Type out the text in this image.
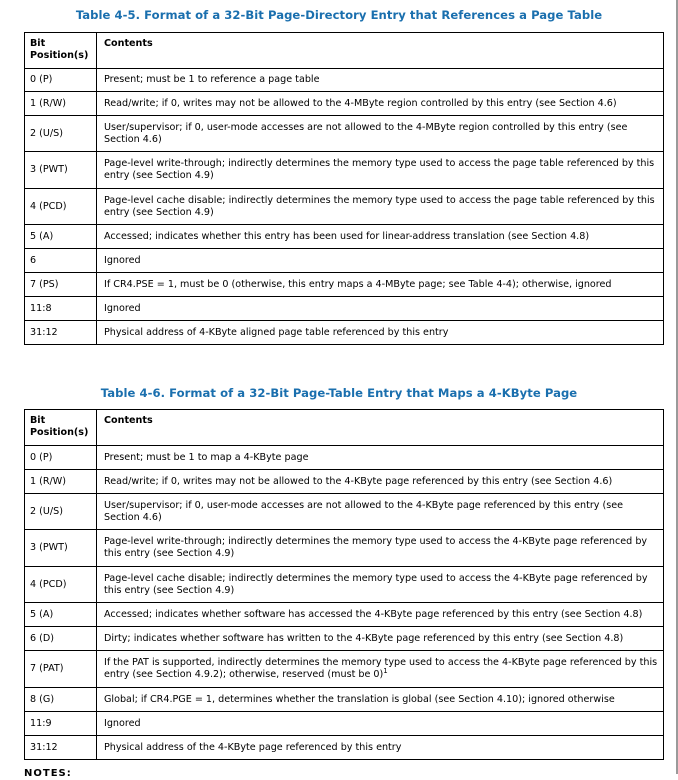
Table 4-5. Format of a 32-Bit Page-Directory Entry that References a Page Table
Bit
Position(s)	Contents
0 (P)	Present; must be 1 to reference a page table
1 (R/W)	Read/write; if 0, writes may not be allowed to the 4-MByte region controlled by this entry (see Section 4.6)
2 (U/S)	User/supervisor; if 0, user-mode accesses are not allowed to the 4-MByte region controlled by this entry (see Section 4.6)
3 (PWT)	Page-level write-through; indirectly determines the memory type used to access the page table referenced by this entry (see Section 4.9)
4 (PCD)	Page-level cache disable; indirectly determines the memory type used to access the page table referenced by this entry (see Section 4.9)
5 (A)	Accessed; indicates whether this entry has been used for linear-address translation (see Section 4.8)
6	Ignored
7 (PS)	If CR4.PSE = 1, must be 0 (otherwise, this entry maps a 4-MByte page; see Table 4-4); otherwise, ignored
11:8	Ignored
31:12	Physical address of 4-KByte aligned page table referenced by this entry
Table 4-6. Format of a 32-Bit Page-Table Entry that Maps a 4-KByte Page
Bit
Position(s)	Contents
0 (P)	Present; must be 1 to map a 4-KByte page
1 (R/W)	Read/write; if 0, writes may not be allowed to the 4-KByte page referenced by this entry (see Section 4.6)
2 (U/S)	User/supervisor; if 0, user-mode accesses are not allowed to the 4-KByte page referenced by this entry (see Section 4.6)
3 (PWT)	Page-level write-through; indirectly determines the memory type used to access the 4-KByte page referenced by this entry (see Section 4.9)
4 (PCD)	Page-level cache disable; indirectly determines the memory type used to access the 4-KByte page referenced by this entry (see Section 4.9)
5 (A)	Accessed; indicates whether software has accessed the 4-KByte page referenced by this entry (see Section 4.8)
6 (D)	Dirty; indicates whether software has written to the 4-KByte page referenced by this entry (see Section 4.8)
7 (PAT)	If the PAT is supported, indirectly determines the memory type used to access the 4-KByte page referenced by this entry (see Section 4.9.2); otherwise, reserved (must be 0)$^1$
8 (G)	Global; if CR4.PGE = 1, determines whether the translation is global (see Section 4.10); ignored otherwise
11:9	Ignored
31:12	Physical address of the 4-KByte page referenced by this entry
NOTES:
